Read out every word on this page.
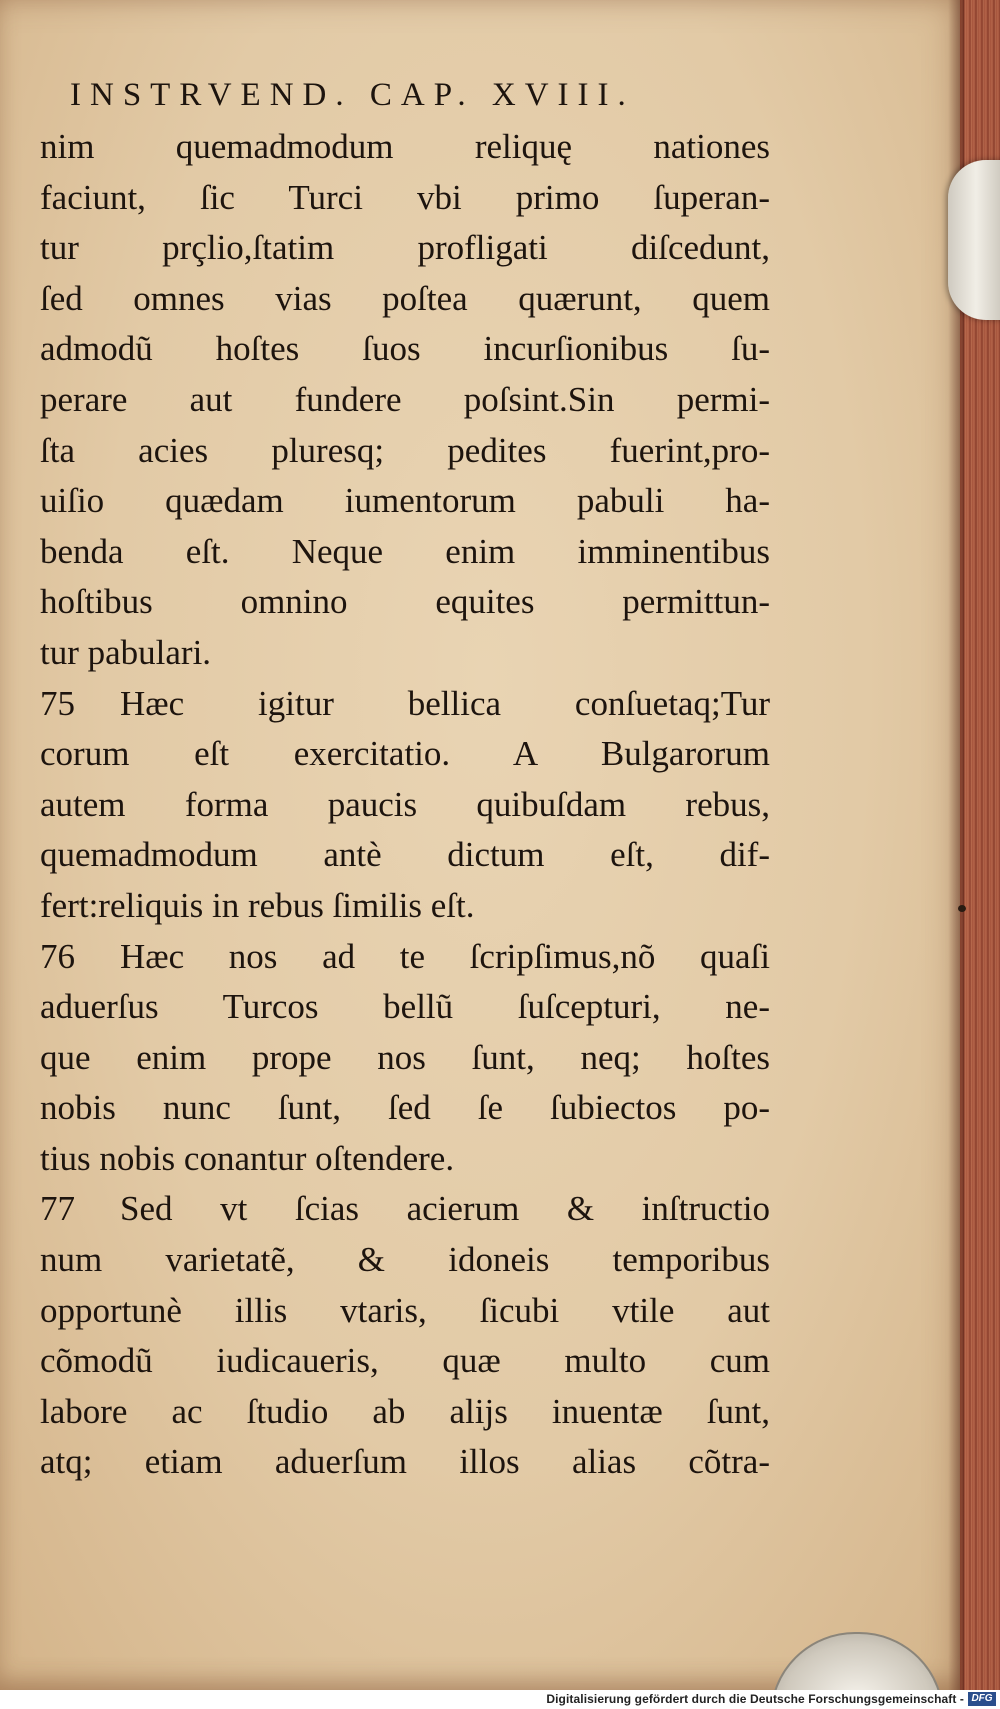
INSTRVEND. CAP. XVIII.
nim quemadmodum reliquę nationes
faciunt, ſic Turci vbi primo ſuperan-
tur prçlio,ſtatim profligati diſcedunt,
ſed omnes vias poſtea quærunt, quem
admodũ hoſtes ſuos incurſionibus ſu-
perare aut fundere poſsint.Sin permi-
ſta acies pluresq; pedites fuerint,pro-
uiſio quædam iumentorum pabuli ha-
benda eſt. Neque enim imminentibus
hoſtibus omnino equites permittun-
tur pabulari.
75	Hæc igitur bellica conſuetaq;Tur
corum eſt exercitatio. A Bulgarorum
autem forma paucis quibuſdam rebus,
quemadmodum antè dictum eſt, dif-
fert:reliquis in rebus ſimilis eſt.
76	Hæc nos ad te ſcripſimus,nõ quaſi
aduerſus Turcos bellũ ſuſcepturi, ne-
que enim prope nos ſunt, neq; hoſtes
nobis nunc ſunt, ſed ſe ſubiectos po-
tius nobis conantur oſtendere.
77	Sed vt ſcias acierum & inſtructio
num varietatẽ, & idoneis temporibus
opportunè illis vtaris, ſicubi vtile aut
cõmodũ iudicaueris, quæ multo cum
labore ac ſtudio ab alijs inuentæ ſunt,
atq; etiam aduerſum illos alias cõtra-
Digitalisierung gefördert durch die Deutsche Forschungsgemeinschaft - DFG
